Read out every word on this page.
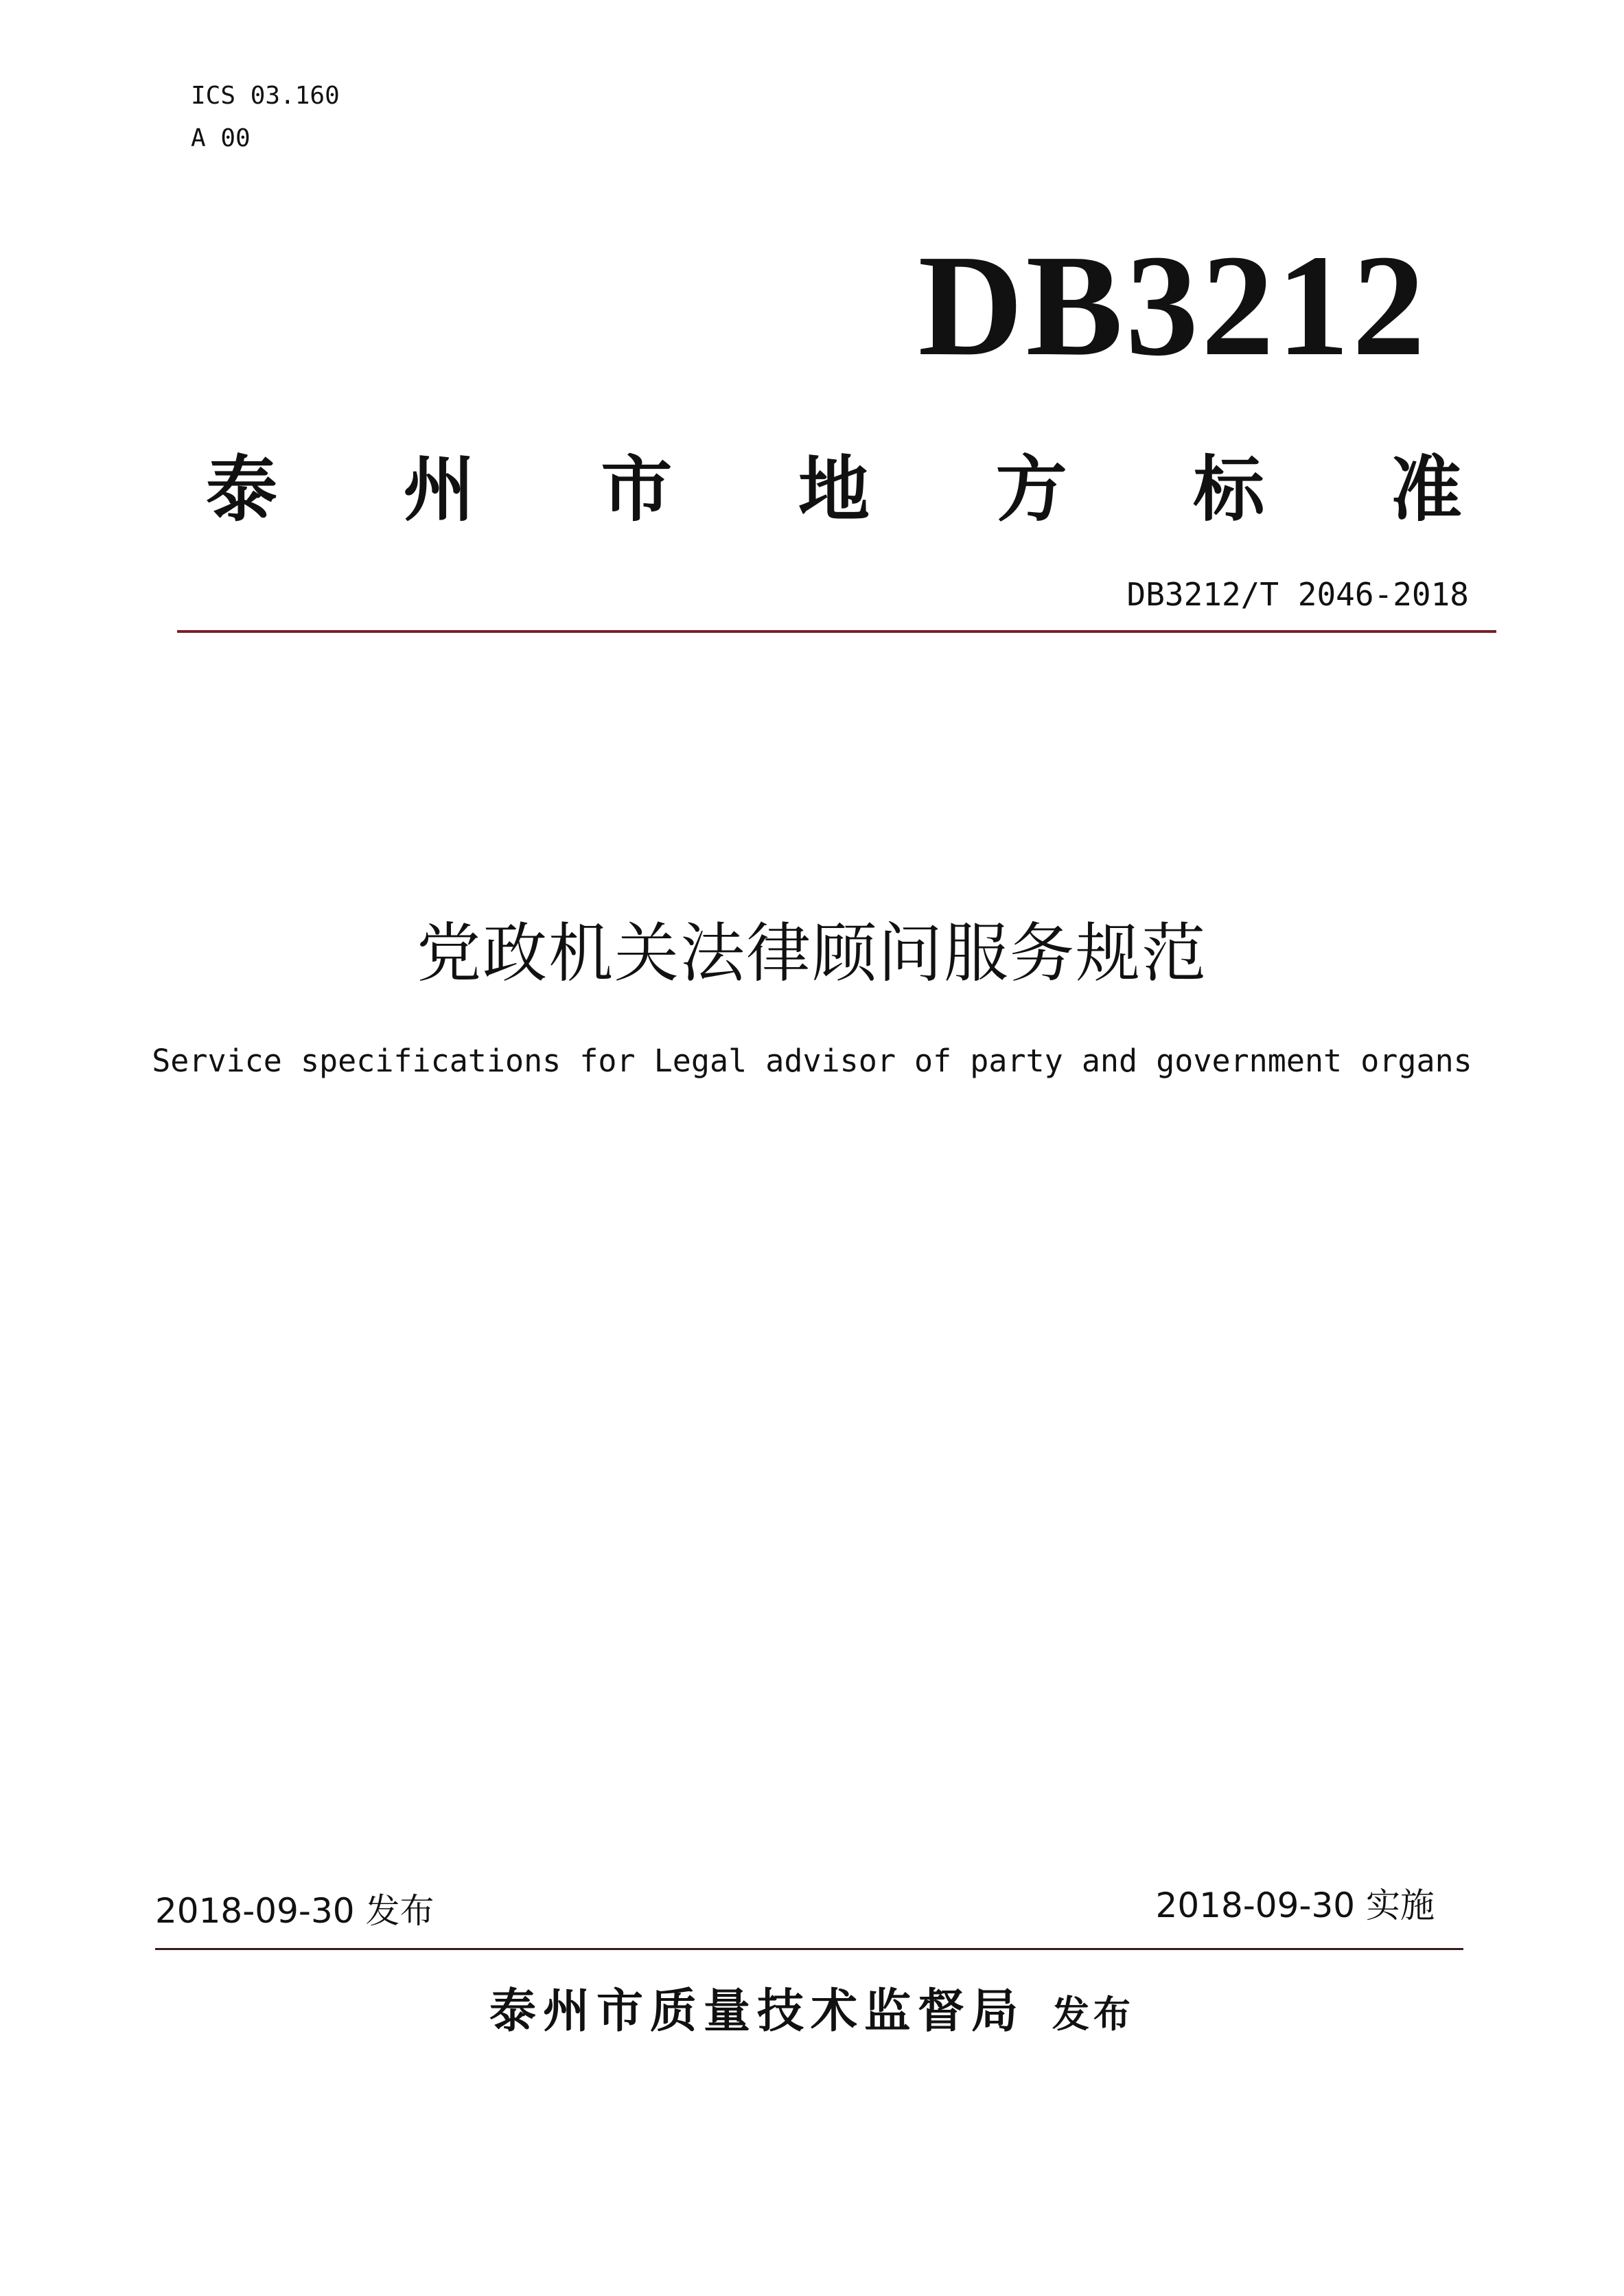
ICS 03.160
A 00
DB3212
泰 州 市 地 方 标 准
DB3212/T 2046-2018
党政机关法律顾问服务规范
Service specifications for Legal advisor of party and government organs
2018-09-30 发布	2018-09-30 实施
泰州市质量技术监督局 发布
